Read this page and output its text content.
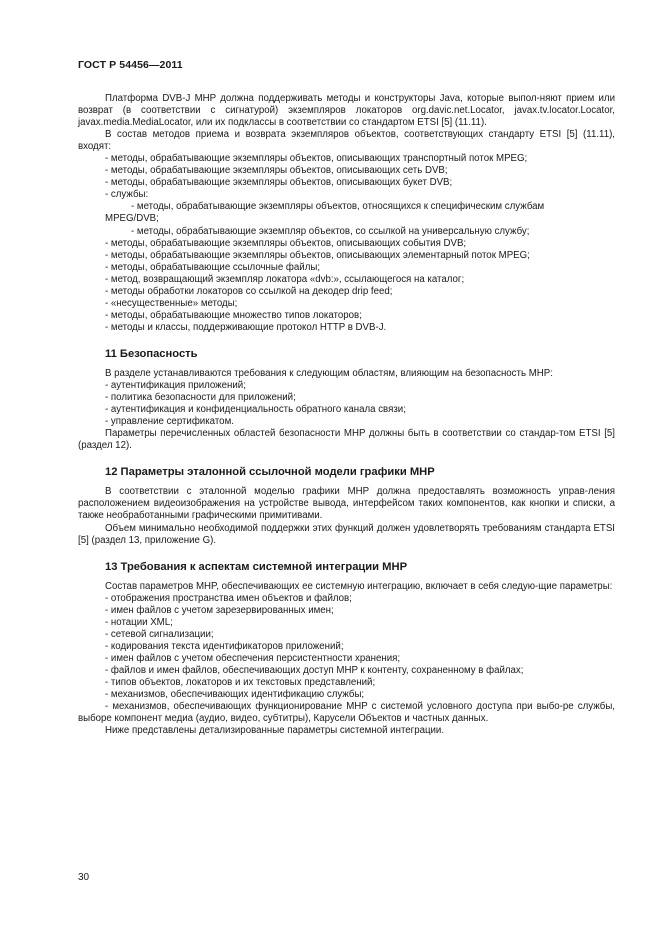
ГОСТ Р 54456—2011

Платформа DVB-J MHP должна поддерживать методы и конструкторы Java, которые выпол-няют прием или возврат (в соответствии с сигнатурой) экземпляров локаторов org.davic.net.Locator, javax.tv.locator.Locator, javax.media.MediaLocator, или их подклассы в соответствии со стандартом ETSI [5] (11.11).

В состав методов приема и возврата экземпляров объектов, соответствующих стандарту ETSI [5] (11.11), входят:

- методы, обрабатывающие экземпляры объектов, описывающих транспортный поток MPEG;

- методы, обрабатывающие экземпляры объектов, описывающих сеть DVB;

- методы, обрабатывающие экземпляры объектов, описывающих букет DVB;

- службы:

- методы, обрабатывающие экземпляры объектов, относящихся к специфическим службам

MPEG/DVB;

- методы, обрабатывающие экземпляр объектов, со ссылкой на универсальную службу;

- методы, обрабатывающие экземпляры объектов, описывающих события DVB;

- методы, обрабатывающие экземпляры объектов, описывающих элементарный поток MPEG;

- методы, обрабатывающие ссылочные файлы;

- метод, возвращающий экземпляр локатора «dvb:», ссылающегося на каталог;

- методы обработки локаторов со ссылкой на декодер drip feed;

- «несущественные» методы;

- методы, обрабатывающие множество типов локаторов;

- методы и классы, поддерживающие протокол HTTP в DVB-J.

11 Безопасность

В разделе устанавливаются требования к следующим областям, влияющим на безопасность MHP:

- аутентификация приложений;

- политика безопасности для приложений;

- аутентификация и конфиденциальность обратного канала связи;

- управление сертификатом.

Параметры перечисленных областей безопасности MHP должны быть в соответствии со стандар-том ETSI [5] (раздел 12).

12 Параметры эталонной ссылочной модели графики MHP

В соответствии с эталонной моделью графики MHP должна предоставлять возможность управ-ления расположением видеоизображения на устройстве вывода, интерфейсом таких компонентов, как кнопки и списки, а также необработанными графическими примитивами.

Объем минимально необходимой поддержки этих функций должен удовлетворять требованиям стандарта ETSI [5] (раздел 13, приложение G).

13 Требования к аспектам системной интеграции MHP

Состав параметров MHP, обеспечивающих ее системную интеграцию, включает в себя следую-щие параметры:

- отображения пространства имен объектов и файлов;

- имен файлов с учетом зарезервированных имен;

- нотации XML;

- сетевой сигнализации;

- кодирования текста идентификаторов приложений;

- имен файлов с учетом обеспечения персистентности хранения;

- файлов и имен файлов, обеспечивающих доступ MHP к контенту, сохраненному в файлах;

- типов объектов, локаторов и их текстовых представлений;

- механизмов, обеспечивающих идентификацию службы;

- механизмов, обеспечивающих функционирование MHP с системой условного доступа при выбо-ре службы, выборе компонент медиа (аудио, видео, субтитры), Карусели Объектов и частных данных.

Ниже представлены детализированные параметры системной интеграции.

30
